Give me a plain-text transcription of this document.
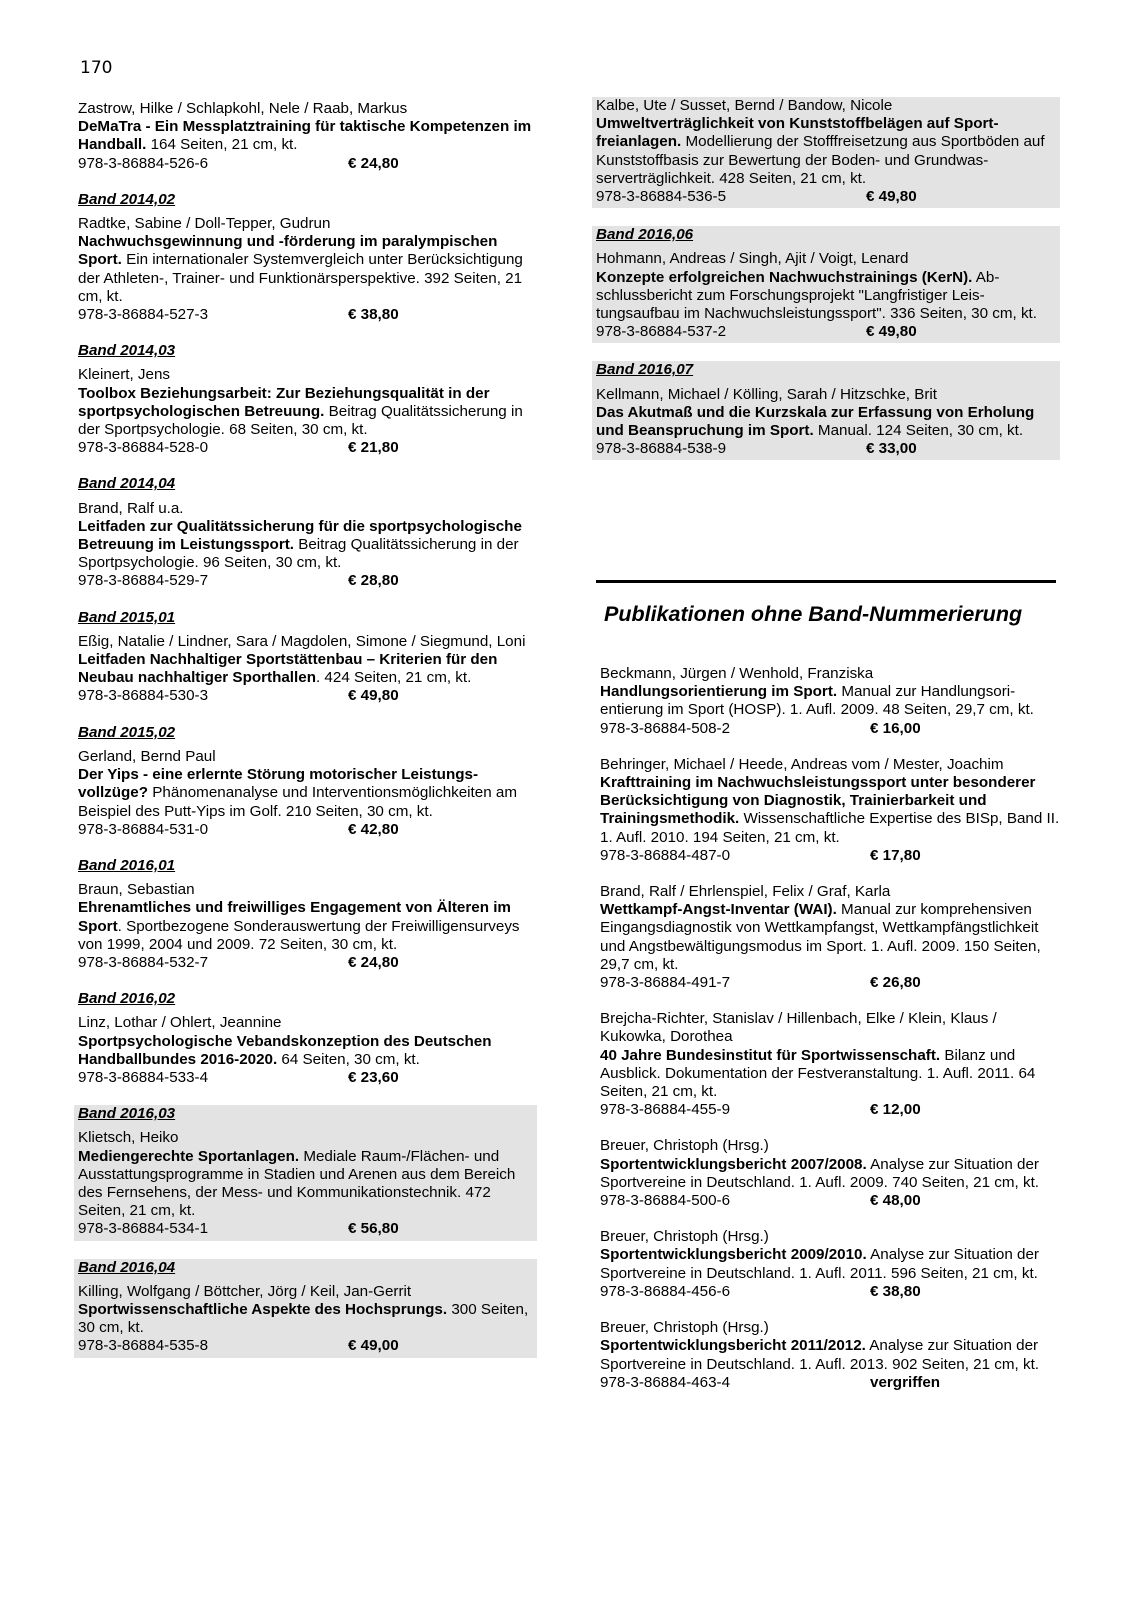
170
Zastrow, Hilke / Schlapkohl, Nele / Raab, Markus
DeMaTra - Ein Messplatztraining für taktische Kompetenzen im Handball. 164 Seiten, 21 cm, kt.
978-3-86884-526-6	€ 24,80
Band 2014,02
Radtke, Sabine / Doll-Tepper, Gudrun
Nachwuchsgewinnung und -förderung im paralympischen Sport. Ein internationaler Systemvergleich unter Berücksichtigung der Athleten-, Trainer- und Funktionärsperspektive. 392 Seiten, 21 cm, kt.
978-3-86884-527-3	€ 38,80
Band 2014,03
Kleinert, Jens
Toolbox Beziehungsarbeit: Zur Beziehungsqualität in der sportpsychologischen Betreuung. Beitrag Qualitätssicherung in der Sportpsychologie. 68 Seiten, 30 cm, kt.
978-3-86884-528-0	€ 21,80
Band 2014,04
Brand, Ralf u.a.
Leitfaden zur Qualitätssicherung für die sportpsychologische Betreuung im Leistungssport. Beitrag Qualitätssicherung in der Sportpsychologie. 96 Seiten, 30 cm, kt.
978-3-86884-529-7	€ 28,80
Band 2015,01
Eßig, Natalie / Lindner, Sara / Magdolen, Simone / Siegmund, Loni
Leitfaden Nachhaltiger Sportstättenbau – Kriterien für den Neubau nachhaltiger Sporthallen. 424 Seiten, 21 cm, kt.
978-3-86884-530-3	€ 49,80
Band 2015,02
Gerland, Bernd Paul
Der Yips - eine erlernte Störung motorischer Leistungsvollzüge? Phänomenanalyse und Interventionsmöglichkeiten am Beispiel des Putt-Yips im Golf. 210 Seiten, 30 cm, kt.
978-3-86884-531-0	€ 42,80
Band 2016,01
Braun, Sebastian
Ehrenamtliches und freiwilliges Engagement von Älteren im Sport. Sportbezogene Sonderauswertung der Freiwilligensurveys von 1999, 2004 und 2009. 72 Seiten, 30 cm, kt.
978-3-86884-532-7	€ 24,80
Band 2016,02
Linz, Lothar / Ohlert, Jeannine
Sportpsychologische Vebandskonzeption des Deutschen Handballbundes 2016-2020. 64 Seiten, 30 cm, kt.
978-3-86884-533-4	€ 23,60
Band 2016,03
Klietsch, Heiko
Mediengerechte Sportanlagen. Mediale Raum-/Flächen- und Ausstattungsprogramme in Stadien und Arenen aus dem Bereich des Fernsehens, der Mess- und Kommunikationstechnik. 472 Seiten, 21 cm, kt.
978-3-86884-534-1	€ 56,80
Band 2016,04
Killing, Wolfgang / Böttcher, Jörg / Keil, Jan-Gerrit
Sportwissenschaftliche Aspekte des Hochsprungs. 300 Seiten, 30 cm, kt.
978-3-86884-535-8	€ 49,00
Kalbe, Ute / Susset, Bernd / Bandow, Nicole
Umweltverträglichkeit von Kunststoffbelägen auf Sportfreianlagen. Modellierung der Stofffreisetzung aus Sportböden auf Kunststoffbasis zur Bewertung der Boden- und Grundwasserverträglichkeit. 428 Seiten, 21 cm, kt.
978-3-86884-536-5	€ 49,80
Band 2016,06
Hohmann, Andreas / Singh, Ajit / Voigt, Lenard
Konzepte erfolgreichen Nachwuchstrainings (KerN). Abschlussbericht zum Forschungsprojekt "Langfristiger Leistungsaufbau im Nachwuchsleistungssport". 336 Seiten, 30 cm, kt.
978-3-86884-537-2	€ 49,80
Band 2016,07
Kellmann, Michael / Kölling, Sarah / Hitzschke, Brit
Das Akutmaß und die Kurzskala zur Erfassung von Erholung und Beanspruchung im Sport. Manual. 124 Seiten, 30 cm, kt.
978-3-86884-538-9	€ 33,00
Publikationen ohne Band-Nummerierung
Beckmann, Jürgen / Wenhold, Franziska
Handlungsorientierung im Sport. Manual zur Handlungsorientierung im Sport (HOSP). 1. Aufl. 2009. 48 Seiten, 29,7 cm, kt.
978-3-86884-508-2	€ 16,00
Behringer, Michael / Heede, Andreas vom / Mester, Joachim
Krafttraining im Nachwuchsleistungssport unter besonderer Berücksichtigung von Diagnostik, Trainierbarkeit und Trainingsmethodik. Wissenschaftliche Expertise des BISp, Band II. 1. Aufl. 2010. 194 Seiten, 21 cm, kt.
978-3-86884-487-0	€ 17,80
Brand, Ralf / Ehrlenspiel, Felix / Graf, Karla
Wettkampf-Angst-Inventar (WAI). Manual zur komprehensiven Eingangsdiagnostik von Wettkampfangst, Wettkampfängstlichkeit und Angstbewältigungsmodus im Sport. 1. Aufl. 2009. 150 Seiten, 29,7 cm, kt.
978-3-86884-491-7	€ 26,80
Brejcha-Richter, Stanislav / Hillenbach, Elke / Klein, Klaus / Kukowka, Dorothea
40 Jahre Bundesinstitut für Sportwissenschaft. Bilanz und Ausblick. Dokumentation der Festveranstaltung. 1. Aufl. 2011. 64 Seiten, 21 cm, kt.
978-3-86884-455-9	€ 12,00
Breuer, Christoph (Hrsg.)
Sportentwicklungsbericht 2007/2008. Analyse zur Situation der Sportvereine in Deutschland. 1. Aufl. 2009. 740 Seiten, 21 cm, kt.
978-3-86884-500-6	€ 48,00
Breuer, Christoph (Hrsg.)
Sportentwicklungsbericht 2009/2010. Analyse zur Situation der Sportvereine in Deutschland. 1. Aufl. 2011. 596 Seiten, 21 cm, kt.
978-3-86884-456-6	€ 38,80
Breuer, Christoph (Hrsg.)
Sportentwicklungsbericht 2011/2012. Analyse zur Situation der Sportvereine in Deutschland. 1. Aufl. 2013. 902 Seiten, 21 cm, kt.
978-3-86884-463-4	vergriffen
